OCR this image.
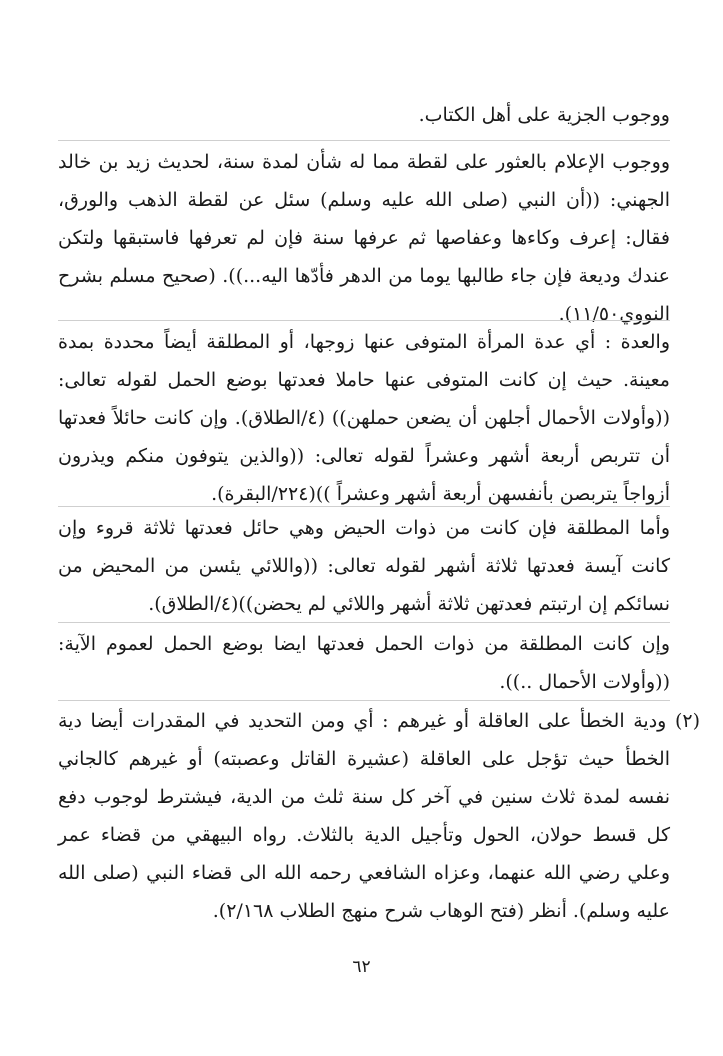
ووجوب الجزية على أهل الكتاب.
ووجوب الإعلام بالعثور على لقطة مما له شأن لمدة سنة، لحديث زيد بن خالد الجهني: ((أن النبي (صلى الله عليه وسلم) سئل عن لقطة الذهب والورق، فقال: إعرف وكاءها وعفاصها ثم عرفها سنة فإن لم تعرفها فاستبقها ولتكن عندك وديعة فإن جاء طالبها يوما من الدهر فأدّها اليه...)). (صحيح مسلم بشرح النووي١١/٥٠).
والعدة : أي عدة المرأة المتوفى عنها زوجها، أو المطلقة أيضاً محددة بمدة معينة. حيث إن كانت المتوفى عنها حاملا فعدتها بوضع الحمل لقوله تعالى: ((وأولات الأحمال أجلهن أن يضعن حملهن)) (٤/الطلاق). وإن كانت حائلاً فعدتها أن تتربص أربعة أشهر وعشراً لقوله تعالى: ((والذين يتوفون منكم ويذرون أزواجاً يتربصن بأنفسهن أربعة أشهر وعشراً ))(٢٢٤/البقرة).
وأما المطلقة فإن كانت من ذوات الحيض وهي حائل فعدتها ثلاثة قروء وإن كانت آيسة فعدتها ثلاثة أشهر لقوله تعالى: ((واللائي يئسن من المحيض من نسائكم إن ارتبتم فعدتهن ثلاثة أشهر واللائي لم يحضن))(٤/الطلاق).
وإن كانت المطلقة من ذوات الحمل فعدتها ايضا بوضع الحمل لعموم الآية: ((وأولات الأحمال ..)).
(٢) ودية الخطأ على العاقلة أو غيرهم : أي ومن التحديد في المقدرات أيضا دية الخطأ حيث تؤجل على العاقلة (عشيرة القاتل وعصبته) أو غيرهم كالجاني نفسه لمدة ثلاث سنين في آخر كل سنة ثلث من الدية، فيشترط لوجوب دفع كل قسط حولان، الحول وتأجيل الدية بالثلاث. رواه البيهقي من قضاء عمر وعلي رضي الله عنهما، وعزاه الشافعي رحمه الله الى قضاء النبي (صلى الله عليه وسلم). أنظر (فتح الوهاب شرح منهج الطلاب ٢/١٦٨).
٦٢
